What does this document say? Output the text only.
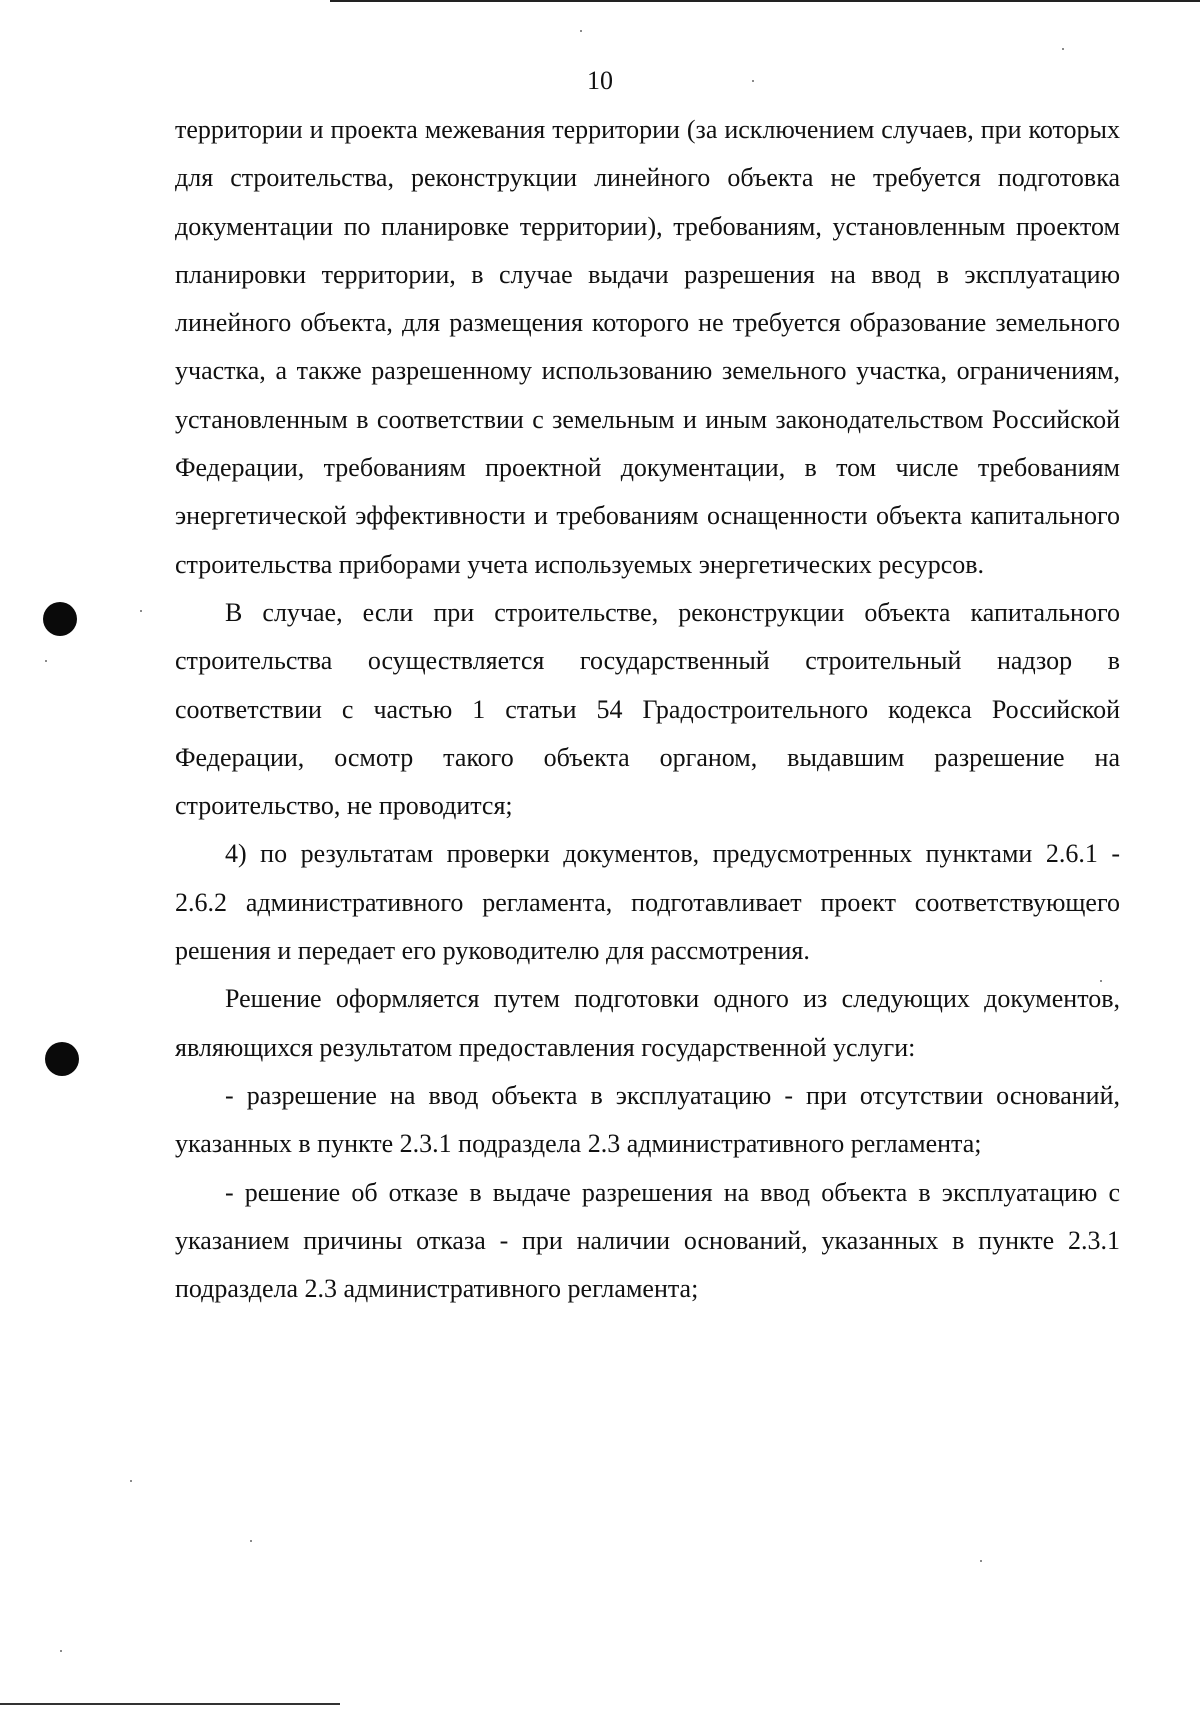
10

территории и проекта межевания территории (за исключением случаев, при которых для строительства, реконструкции линейного объекта не требуется подготовка документации по планировке территории), требованиям, установленным проектом планировки территории, в случае выдачи разрешения на ввод в эксплуатацию линейного объекта, для размещения которого не требуется образование земельного участка, а также разрешенному использованию земельного участка, ограничениям, установленным в соответствии с земельным и иным законодательством Российской Федерации, требованиям проектной документации, в том числе требованиям энергетической эффективности и требованиям оснащенности объекта капитального строительства приборами учета используемых энергетических ресурсов.

В случае, если при строительстве, реконструкции объекта капитального строительства осуществляется государственный строительный надзор в соответствии с частью 1 статьи 54 Градостроительного кодекса Российской Федерации, осмотр такого объекта органом, выдавшим разрешение на строительство, не проводится;

4) по результатам проверки документов, предусмотренных пунктами 2.6.1 - 2.6.2 административного регламента, подготавливает проект соответствующего решения и передает его руководителю для рассмотрения.

Решение оформляется путем подготовки одного из следующих документов, являющихся результатом предоставления государственной услуги:

- разрешение на ввод объекта в эксплуатацию - при отсутствии оснований, указанных в пункте 2.3.1 подраздела 2.3 административного регламента;

- решение об отказе в выдаче разрешения на ввод объекта в эксплуатацию с указанием причины отказа - при наличии оснований, указанных в пункте 2.3.1 подраздела 2.3 административного регламента;
